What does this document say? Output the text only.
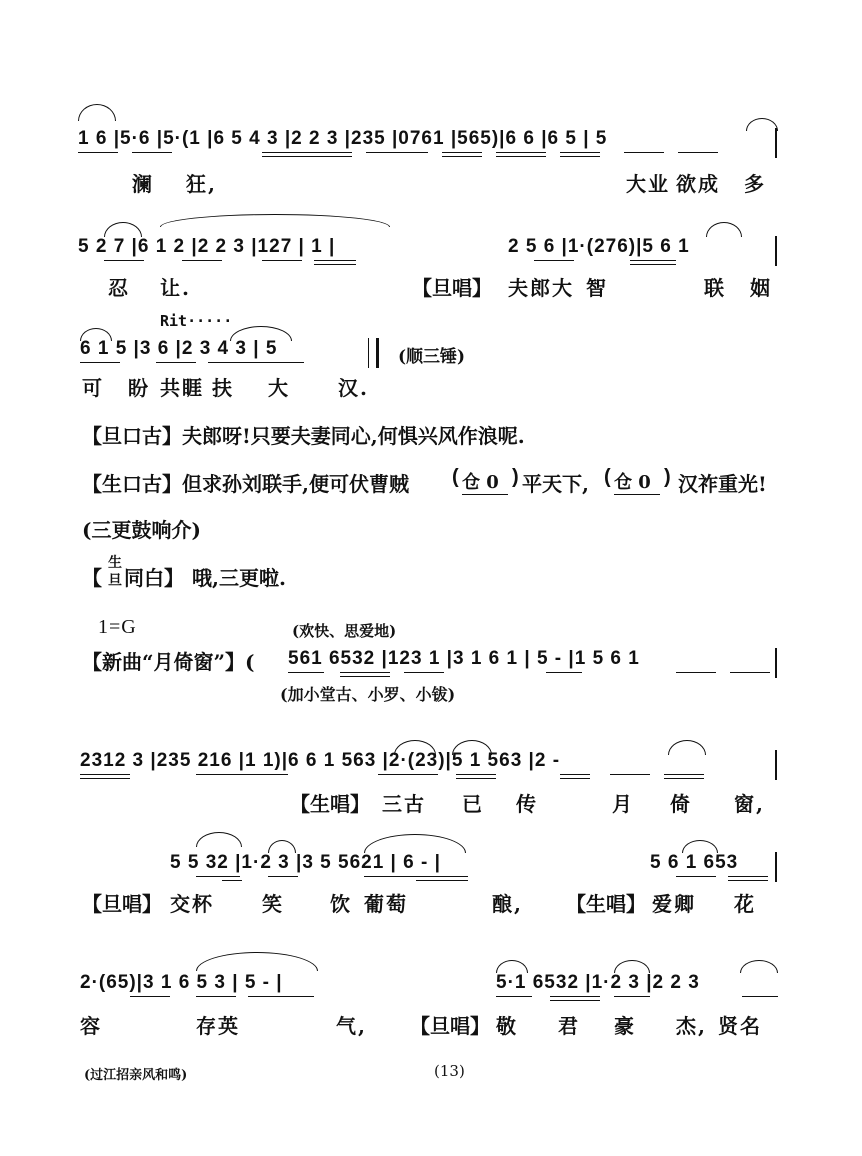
1 6 |5·6 |5·(1 |6 5 4 3 |2 2 3 |235 |0761 |565)|6 6 |6 5 | 5
澜 狂,	大业 欲成 多
5 2 7 |6 1 2 |2 2 3 |127 | 1 |	2 5 6 |1·(276)|5 6 1
忍 让.	【旦唱】 夫郎大 智	联 姻
Rit·····
6 1 5 |3 6 |2 3 4 3 | 5	(顺三锤)
可 盼 共睚 扶 大 汉.
【旦口古】夫郎呀!只要夫妻同心,何惧兴风作浪呢.
【生口古】但求孙刘联手,便可伏曹贼 ( 仓 0 ) 平天下, ( 仓 0 ) 汉祚重光!
(三更鼓响介)
【
生
旦 同白】 哦,三更啦.
1=G	(欢快、思爱地)
【新曲“月倚窗”】( 561 6532 |123 1 |3 1 6 1 | 5 - |1 5 6 1
(加小堂古、小罗、小钹)
2312 3 |235 216 |1 1)|6 6 1 563 |2·(23)|5 1 563 |2 -
【生唱】 三古 已 传	月 倚 窗,
5 5 32 |1·2 3 |3 5 5621 | 6 - |	5 6 1 653
【旦唱】 交杯 笑 饮 葡萄	酿, 【生唱】 爱卿 花
2·(65)|3 1 6 5 3 | 5 - |	5·1 6532 |1·2 3 |2 2 3
容	存英	气, 【旦唱】 敬 君 豪 杰, 贤名
(过江招亲风和鸣)	(13)
